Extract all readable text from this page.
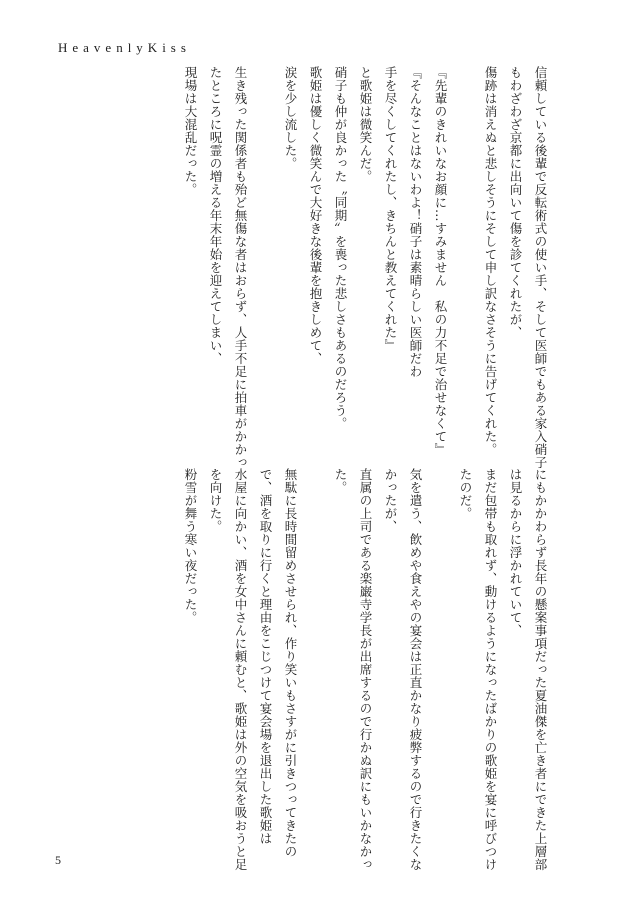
HeavenlyKiss
信頼している後輩で反転術式の使い手、そして医師でもある家入硝子
もわざわざ京都に出向いて傷を診てくれたが、
傷跡は消えぬと悲しそうにそして申し訳なさそうに告げてくれた。

『先輩のきれいなお顔に…すみません　私の力不足で治せなくて』
『そんなことはないわよ！硝子は素晴らしい医師だわ
手を尽くしてくれたし、きちんと教えてくれた』
と歌姫は微笑んだ。
硝子も仲が良かった〝同期〟を喪った悲しさもあるのだろう。
歌姫は優しく微笑んで大好きな後輩を抱きしめて、
涙を少し流した。

生き残った関係者も殆ど無傷な者はおらず、人手不足に拍車がかかっ
たところに呪霊の増える年末年始を迎えてしまい、
現場は大混乱だった。
にもかかわらず長年の懸案事項だった夏油傑を亡き者にできた上層部
は見るからに浮かれていて、
まだ包帯も取れず、動けるようになったばかりの歌姫を宴に呼びつけ
たのだ。

気を遣う、飲めや食えやの宴会は正直かなり疲弊するので行きたくな
かったが、
直属の上司である楽巌寺学長が出席するので行かぬ訳にもいかなかっ
た。

無駄に長時間留めさせられ、作り笑いもさすがに引きつってきたの
で、酒を取りに行くと理由をこじつけて宴会場を退出した歌姫は
水屋に向かい、酒を女中さんに頼むと、歌姫は外の空気を吸おうと足
を向けた。
粉雪が舞う寒い夜だった。
5
